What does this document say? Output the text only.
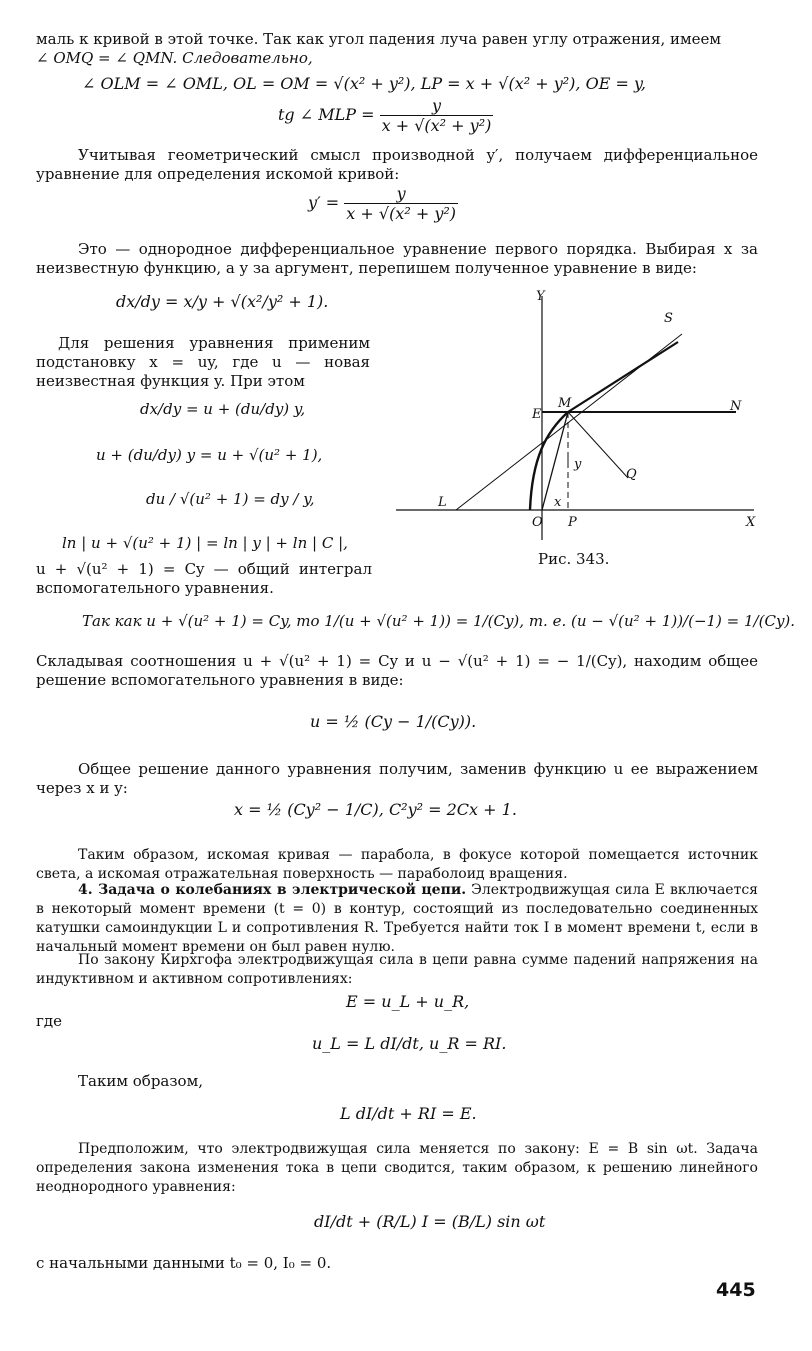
маль к кривой в этой точке. Так как угол падения луча равен углу отражения, имеем
∠ OMQ = ∠ QMN. Следовательно,
∠ OLM = ∠ OML, OL = OM = √(x² + y²), LP = x + √(x² + y²), OE = y,
tg ∠ MLP = $\frac{y}{\text{x + √(x² + y²)}}$
Учитывая геометрический смысл производной y′, получаем дифференциальное уравнение для определения искомой кривой:
$y' = \frac{y}{\text{x + √(x² + y²)}}$
Это — однородное дифференциальное уравнение первого порядка. Выбирая x за неизвестную функцию, а y за аргумент, перепишем полученное уравнение в виде:
dx/dy = x/y + √(x²/y² + 1).
Для решения уравнения применим подстановку x = uy, где u — новая неизвестная функция y. При этом
dx/dy = u + (du/dy) y,
u + (du/dy) y = u + √(u² + 1),
du / √(u² + 1) = dy / y,
ln | u + √(u² + 1) | = ln | y | + ln | C |,
u + √(u² + 1) = Cy — общий интеграл вспомогательного уравнения.
Y
X
S
N
E
M
Q
y
x
O P
L
Рис. 343.
Так как u + √(u² + 1) = Cy, то 1/(u + √(u² + 1)) = 1/(Cy), т. е. (u − √(u² + 1))/(−1) = 1/(Cy).
Складывая соотношения u + √(u² + 1) = Cy и u − √(u² + 1) = − 1/(Cy), находим общее решение вспомогательного уравнения в виде:
u = ½ (Cy − 1/(Cy)).
Общее решение данного уравнения получим, заменив функцию u ее выражением через x и y:
x = ½ (Cy² − 1/C), C²y² = 2Cx + 1.
Таким образом, искомая кривая — парабола, в фокусе которой помещается источник света, а искомая отражательная поверхность — параболоид вращения.
4. Задача о колебаниях в электрической цепи. Электродвижущая сила E включается в некоторый момент времени (t = 0) в контур, состоящий из последовательно соединенных катушки самоиндукции L и сопротивления R. Требуется найти ток I в момент времени t, если в начальный момент времени он был равен нулю.
По закону Кирхгофа электродвижущая сила в цепи равна сумме падений напряжения на индуктивном и активном сопротивлениях:
E = u_L + u_R,
где
u_L = L dI/dt, u_R = RI.
Таким образом,
L dI/dt + RI = E.
Предположим, что электродвижущая сила меняется по закону: E = B sin ωt. Задача определения закона изменения тока в цепи сводится, таким образом, к решению линейного неоднородного уравнения:
dI/dt + (R/L) I = (B/L) sin ωt
с начальными данными t₀ = 0, I₀ = 0.
445
